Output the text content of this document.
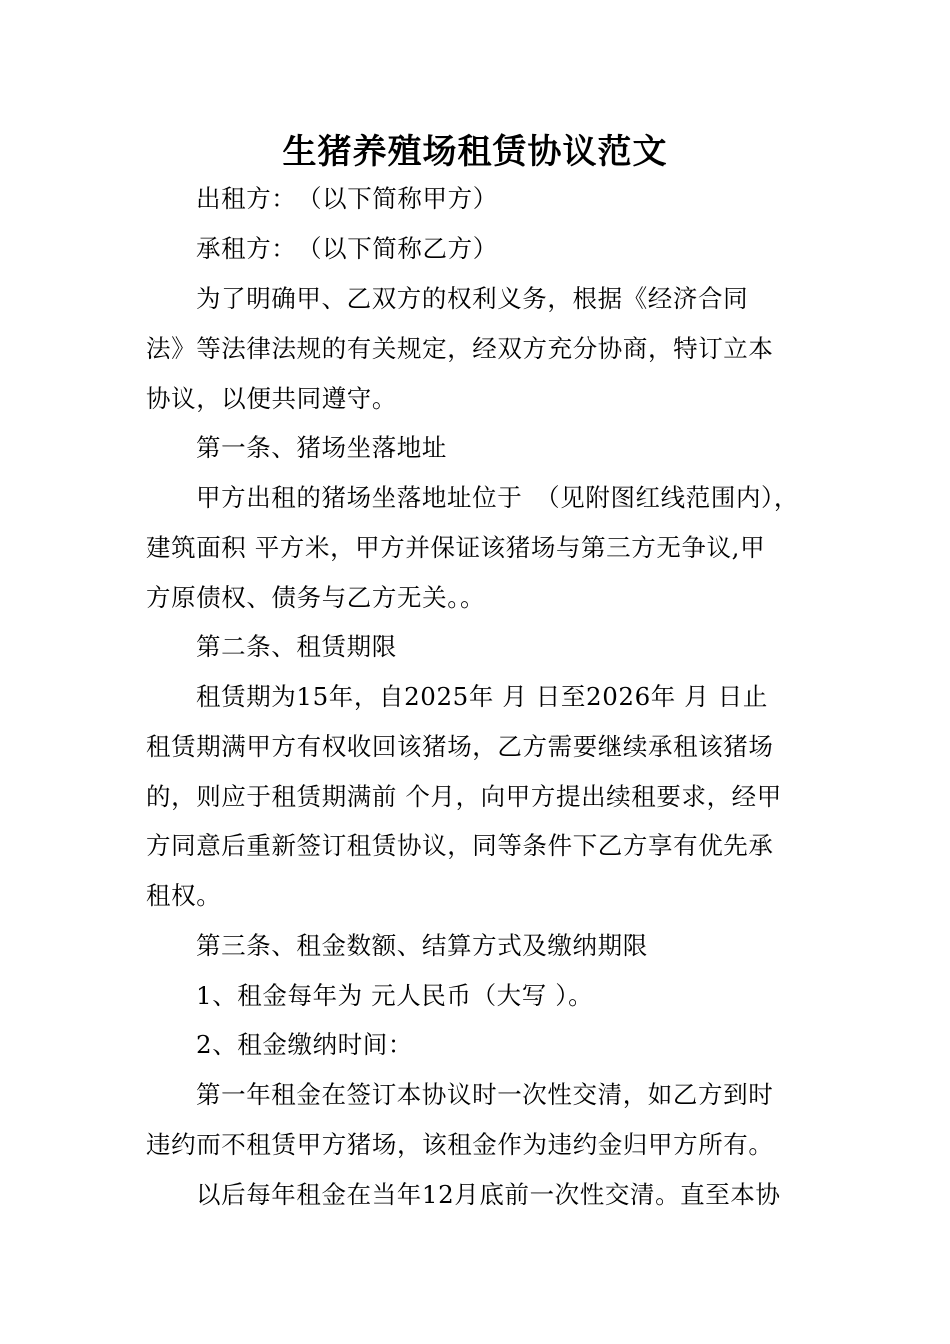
生猪养殖场租赁协议范文
出租方：　（以下简称甲方）
承租方：　（以下简称乙方）
为了明确甲、乙双方的权利义务，根据《经济合同
法》等法律法规的有关规定，经双方充分协商，特订立本
协议，以便共同遵守。
第一条、猪场坐落地址
甲方出租的猪场坐落地址位于　（见附图红线范围内），
建筑面积 平方米，甲方并保证该猪场与第三方无争议,甲
方原债权、债务与乙方无关。。
第二条、租赁期限
租赁期为15年，自2025年 月 日至2026年 月 日止
租赁期满甲方有权收回该猪场，乙方需要继续承租该猪场
的，则应于租赁期满前 个月，向甲方提出续租要求，经甲
方同意后重新签订租赁协议，同等条件下乙方享有优先承
租权。
第三条、租金数额、结算方式及缴纳期限
1、租金每年为 元人民币（大写 ）。
2、租金缴纳时间：
第一年租金在签订本协议时一次性交清，如乙方到时
违约而不租赁甲方猪场，该租金作为违约金归甲方所有。
以后每年租金在当年12月底前一次性交清。直至本协
